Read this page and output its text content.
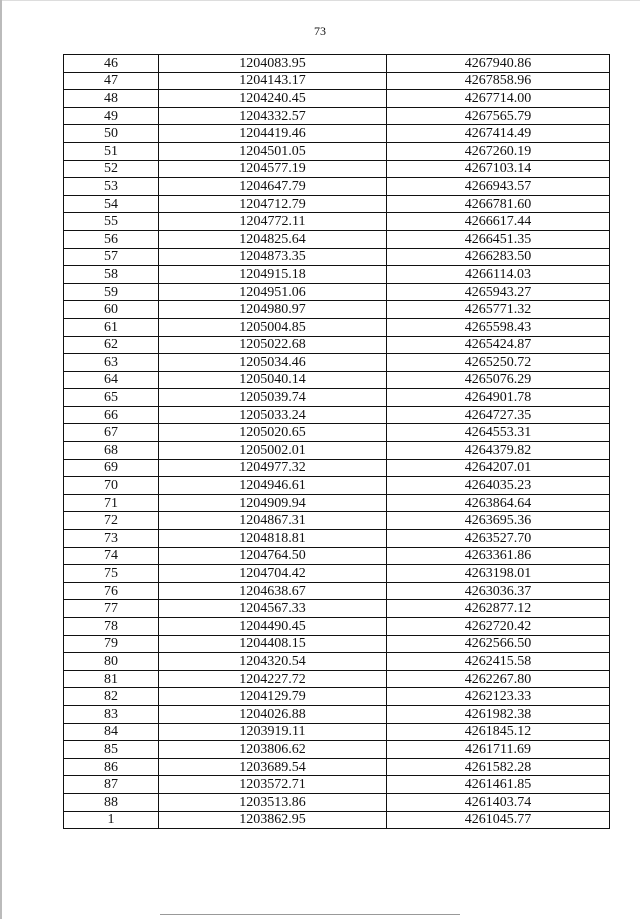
73
46	1204083.95	4267940.86
47	1204143.17	4267858.96
48	1204240.45	4267714.00
49	1204332.57	4267565.79
50	1204419.46	4267414.49
51	1204501.05	4267260.19
52	1204577.19	4267103.14
53	1204647.79	4266943.57
54	1204712.79	4266781.60
55	1204772.11	4266617.44
56	1204825.64	4266451.35
57	1204873.35	4266283.50
58	1204915.18	4266114.03
59	1204951.06	4265943.27
60	1204980.97	4265771.32
61	1205004.85	4265598.43
62	1205022.68	4265424.87
63	1205034.46	4265250.72
64	1205040.14	4265076.29
65	1205039.74	4264901.78
66	1205033.24	4264727.35
67	1205020.65	4264553.31
68	1205002.01	4264379.82
69	1204977.32	4264207.01
70	1204946.61	4264035.23
71	1204909.94	4263864.64
72	1204867.31	4263695.36
73	1204818.81	4263527.70
74	1204764.50	4263361.86
75	1204704.42	4263198.01
76	1204638.67	4263036.37
77	1204567.33	4262877.12
78	1204490.45	4262720.42
79	1204408.15	4262566.50
80	1204320.54	4262415.58
81	1204227.72	4262267.80
82	1204129.79	4262123.33
83	1204026.88	4261982.38
84	1203919.11	4261845.12
85	1203806.62	4261711.69
86	1203689.54	4261582.28
87	1203572.71	4261461.85
88	1203513.86	4261403.74
1	1203862.95	4261045.77
